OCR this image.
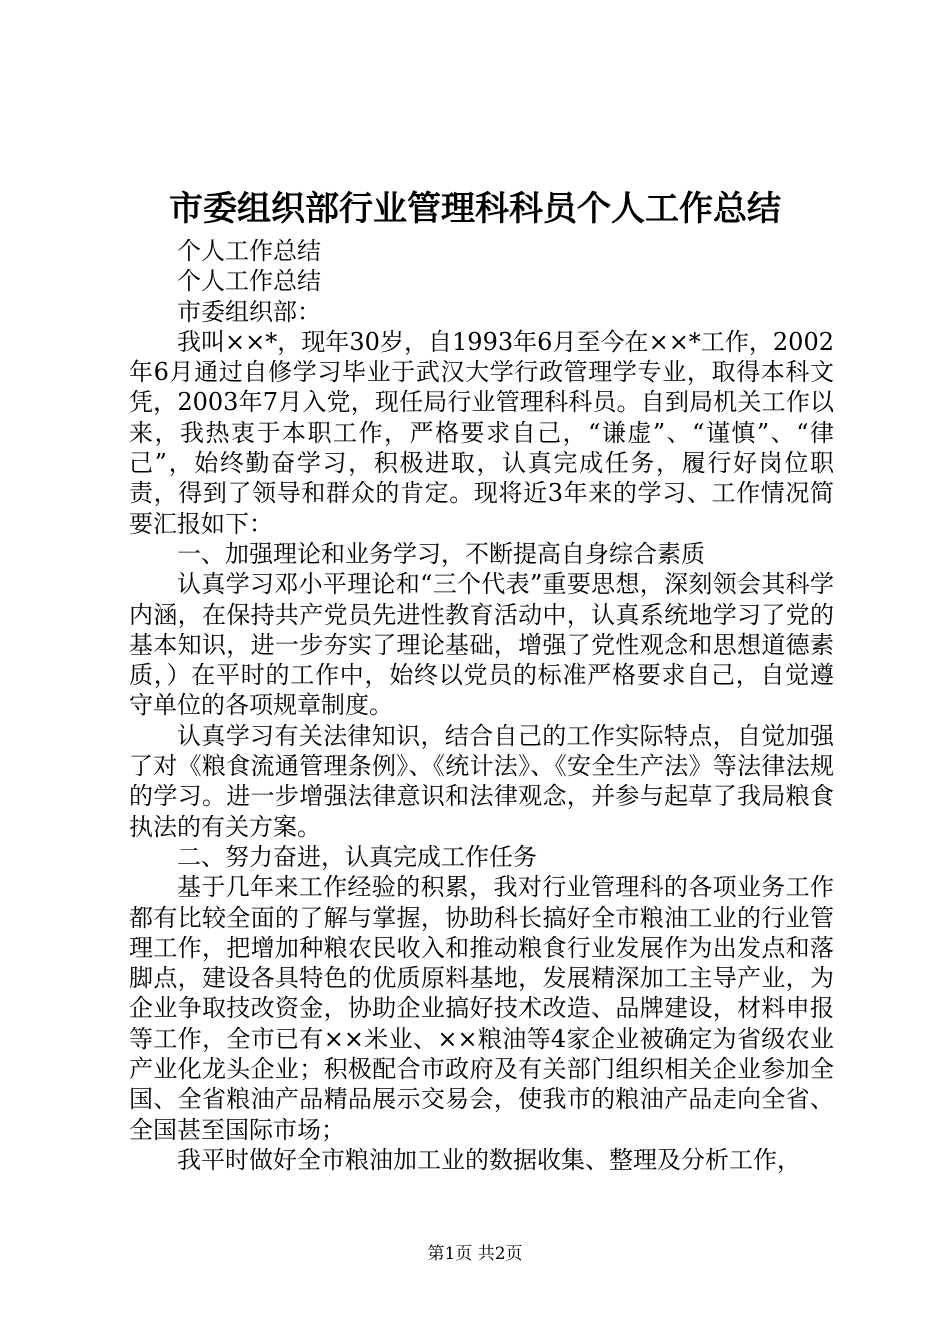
市委组织部行业管理科科员个人工作总结

个人工作总结

个人工作总结

市委组织部：

我叫××*，现年30岁，自1993年6月至今在××*工作，2002年6月通过自修学习毕业于武汉大学行政管理学专业，取得本科文凭，2003年7月入党，现任局行业管理科科员。自到局机关工作以来，我热衷于本职工作，严格要求自己，“谦虚”、“谨慎”、“律己”，始终勤奋学习，积极进取，认真完成任务，履行好岗位职责，得到了领导和群众的肯定。现将近3年来的学习、工作情况简要汇报如下：

一、加强理论和业务学习，不断提高自身综合素质

认真学习邓小平理论和“三个代表”重要思想，深刻领会其科学内涵，在保持共产党员先进性教育活动中，认真系统地学习了党的基本知识，进一步夯实了理论基础，增强了党性观念和思想道德素质，）在平时的工作中，始终以党员的标准严格要求自己，自觉遵守单位的各项规章制度。

认真学习有关法律知识，结合自己的工作实际特点，自觉加强了对《粮食流通管理条例》、《统计法》、《安全生产法》等法律法规的学习。进一步增强法律意识和法律观念，并参与起草了我局粮食执法的有关方案。

二、努力奋进，认真完成工作任务

基于几年来工作经验的积累，我对行业管理科的各项业务工作都有比较全面的了解与掌握，协助科长搞好全市粮油工业的行业管理工作，把增加种粮农民收入和推动粮食行业发展作为出发点和落脚点，建设各具特色的优质原料基地，发展精深加工主导产业，为企业争取技改资金，协助企业搞好技术改造、品牌建设，材料申报等工作，全市已有××米业、××粮油等4家企业被确定为省级农业产业化龙头企业；积极配合市政府及有关部门组织相关企业参加全国、全省粮油产品精品展示交易会，使我市的粮油产品走向全省、全国甚至国际市场；

我平时做好全市粮油加工业的数据收集、整理及分析工作，

第1页 共2页
